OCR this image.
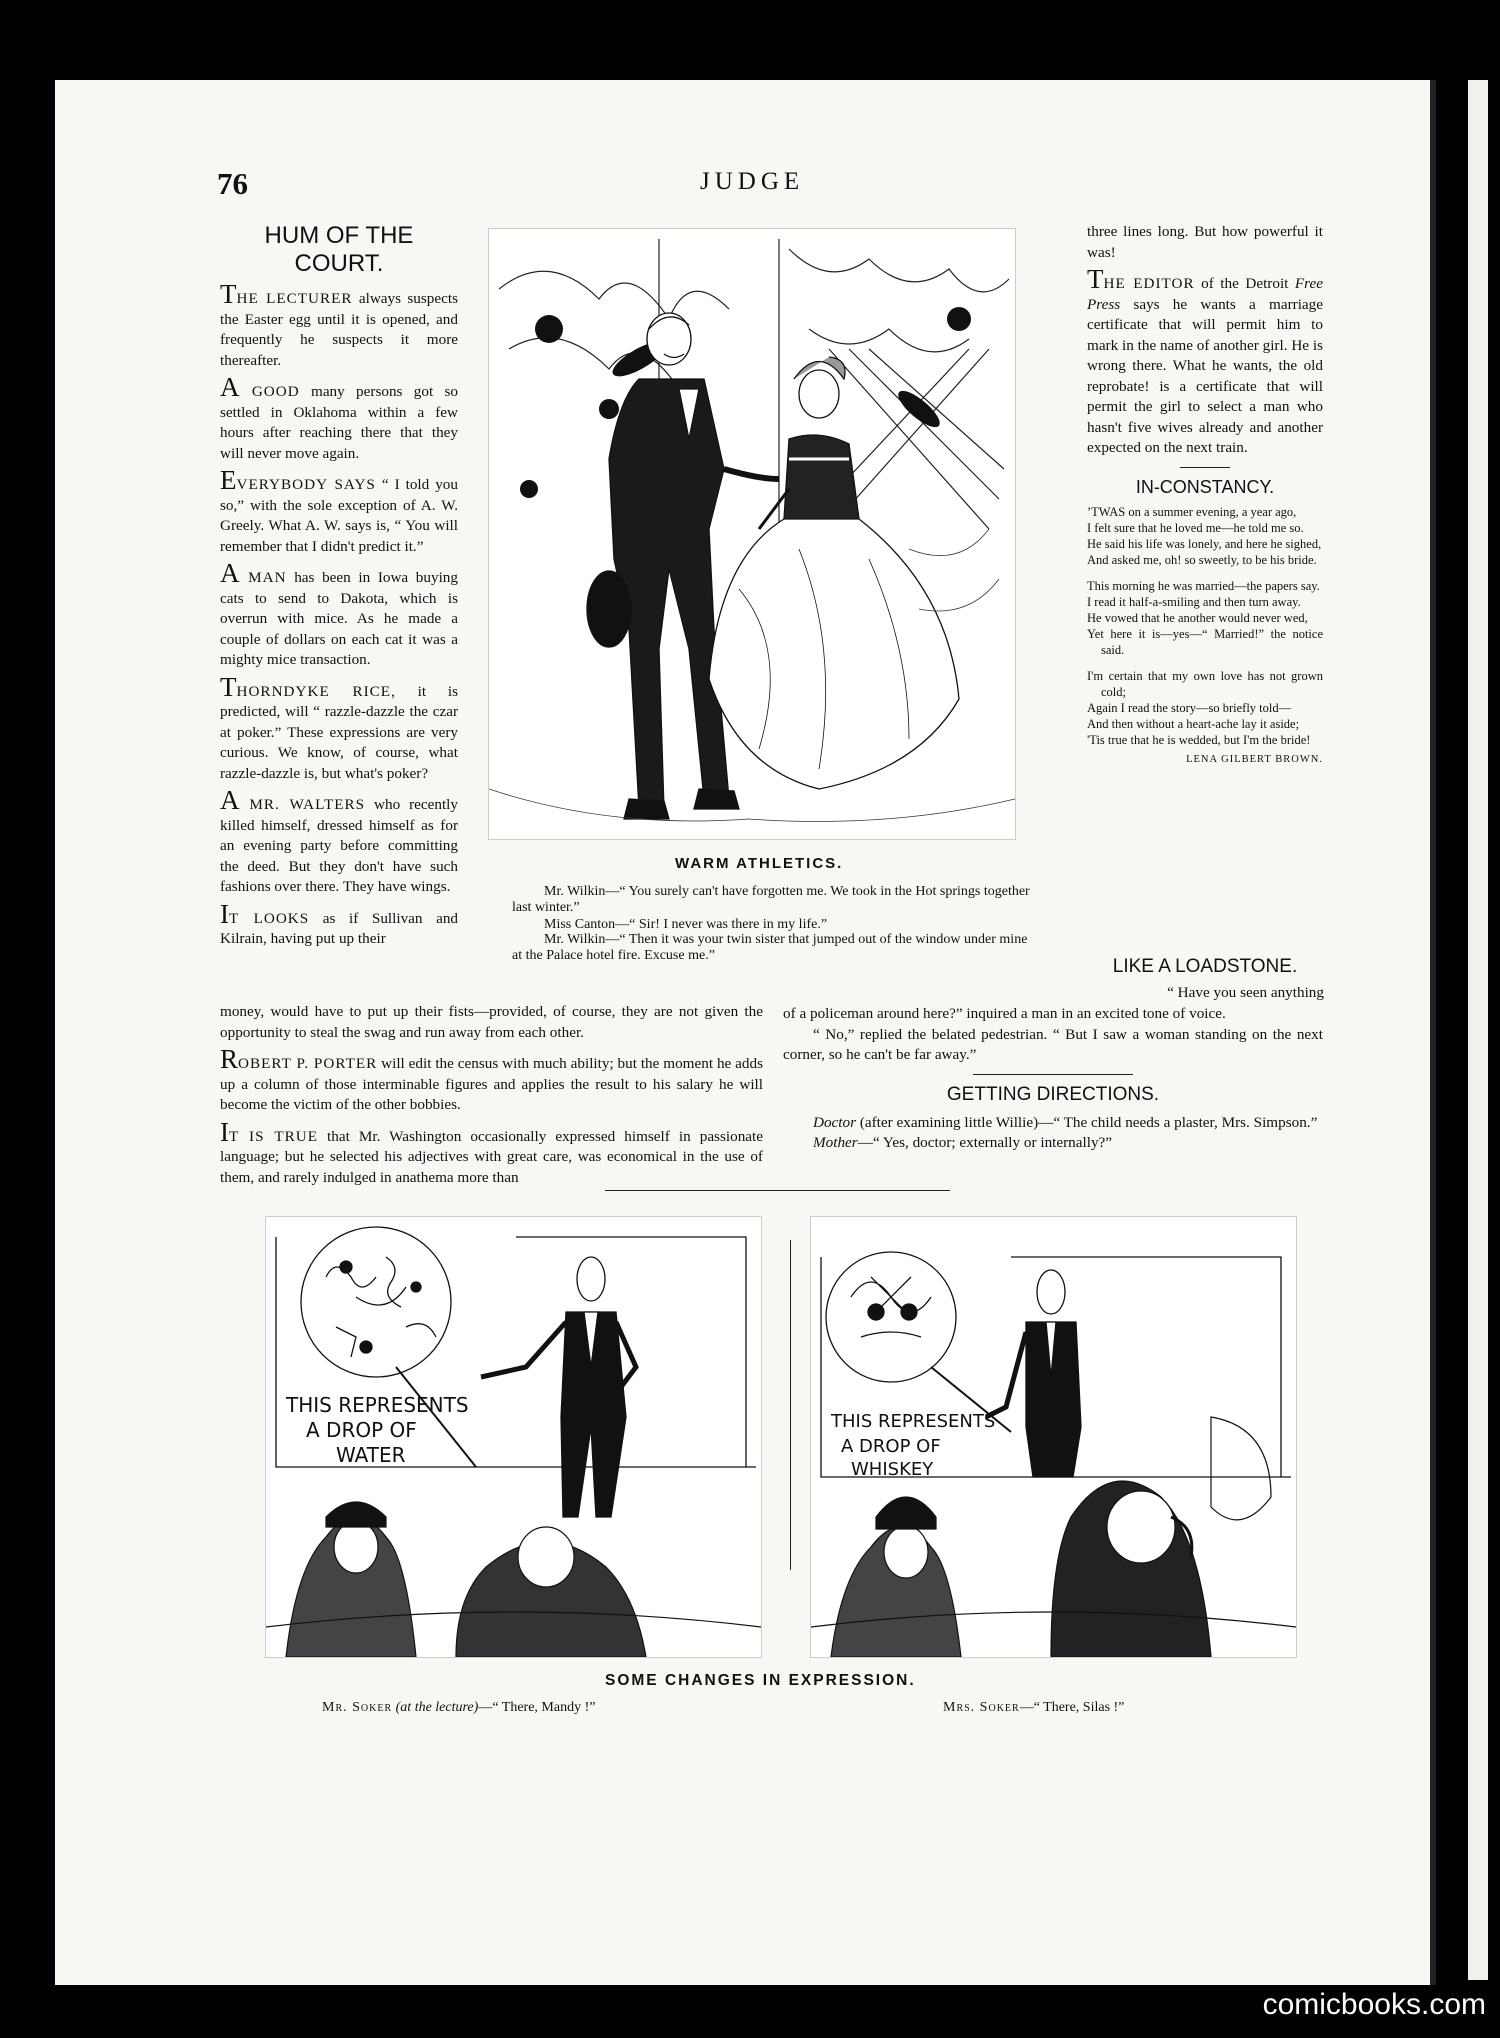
76	JUDGE
HUM OF THE COURT.

THE LECTURER always suspects the Easter egg until it is opened, and frequently he suspects it more thereafter.

A GOOD many persons got so settled in Oklahoma within a few hours after reaching there that they will never move again.

EVERYBODY SAYS “ I told you so,” with the sole exception of A. W. Greely. What A. W. says is, “ You will remember that I didn't predict it.”

A MAN has been in Iowa buying cats to send to Dakota, which is overrun with mice. As he made a couple of dollars on each cat it was a mighty mice transaction.

THORNDYKE RICE, it is predicted, will “ razzle-dazzle the czar at poker.” These expressions are very curious. We know, of course, what razzle-dazzle is, but what's poker?

A MR. WALTERS who recently killed himself, dressed himself as for an evening party before committing the deed. But they don't have such fashions over there. They have wings.

IT LOOKS as if Sullivan and Kilrain, having put up their

money, would have to put up their fists—provided, of course, they are not given the opportunity to steal the swag and run away from each other.

ROBERT P. PORTER will edit the census with much ability; but the moment he adds up a column of those interminable figures and applies the result to his salary he will become the victim of the other bobbies.

IT IS TRUE that Mr. Washington occasionally expressed himself in passionate language; but he selected his adjectives with great care, was economical in the use of them, and rarely indulged in anathema more than

WARM ATHLETICS.
Mr. Wilkin—“ You surely can't have forgotten me. We took in the Hot springs together last winter.”
Miss Canton—“ Sir! I never was there in my life.”
Mr. Wilkin—“ Then it was your twin sister that jumped out of the window under mine at the Palace hotel fire. Excuse me.”

three lines long. But how powerful it was!

THE EDITOR of the Detroit Free Press says he wants a marriage certificate that will permit him to mark in the name of another girl. He is wrong there. What he wants, the old reprobate! is a certificate that will permit the girl to select a man who hasn't five wives already and another expected on the next train.

IN-CONSTANCY.

’TWAS on a summer evening, a year ago,

I felt sure that he loved me—he told me so.

He said his life was lonely, and here he sighed,

And asked me, oh! so sweetly, to be his bride.

This morning he was married—the papers say.

I read it half-a-smiling and then turn away.

He vowed that he another would never wed,

Yet here it is—yes—“ Married!” the notice said.

I'm certain that my own love has not grown cold;

Again I read the story—so briefly told—

And then without a heart-ache lay it aside;

'Tis true that he is wedded, but I'm the bride!

LENA GILBERT BROWN.
LIKE A LOADSTONE.
“ Have you seen anything

of a policeman around here?” inquired a man in an excited tone of voice.

“ No,” replied the belated pedestrian. “ But I saw a woman standing on the next corner, so he can't be far away.”

GETTING DIRECTIONS.

Doctor (after examining little Willie)—“ The child needs a plaster, Mrs. Simpson.”

Mother—“ Yes, doctor; externally or internally?”

THIS REPRESENTS
A DROP OF
WATER
THIS REPRESENTS
A DROP OF
WHISKEY
SOME CHANGES IN EXPRESSION.
Mr. Soker (at the lecture)—“ There, Mandy !”	Mrs. Soker—“ There, Silas !”
comicbooks.com
